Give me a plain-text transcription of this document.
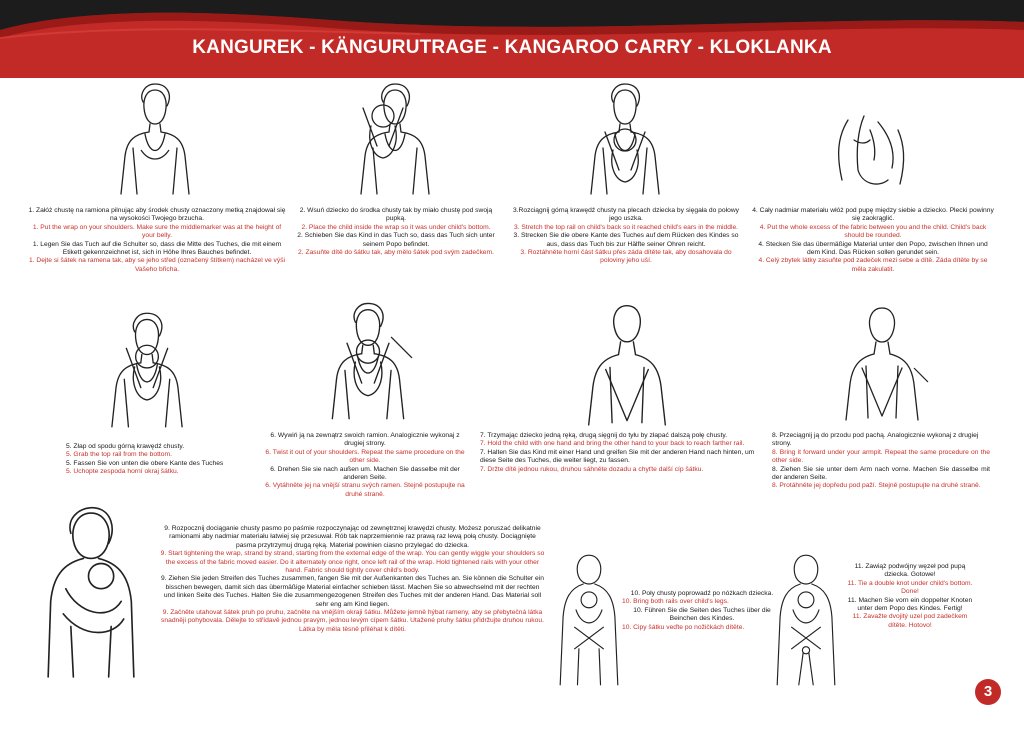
KANGUREK - KÄNGURUTRAGE - KANGAROO CARRY - KLOKLANKA

1. Załóż chustę na ramiona pilnując aby środek chusty oznaczony metką znajdował się na wysokości Twojego brzucha.

1. Put the wrap on your shoulders. Make sure the middlemarker was at the height of your belly.

1. Legen Sie das Tuch auf die Schulter so, dass die Mitte des Tuches, die mit einem Etikett gekennzeichnet ist, sich in Höhe Ihres Bauches befindet.

1. Dejte si šátek na ramena tak, aby se jeho střed (označený štítkem) nacházel ve výši Vašeho břicha.

2. Wsuń dziecko do środka chusty tak by miało chustę pod swoją pupką.

2. Place the child inside the wrap so it was under child's bottom.

2. Schieben Sie das Kind in das Tuch so, dass das Tuch sich unter seinem Popo befindet.

2. Zasuňte dítě do šátku tak, aby mělo šátek pod svým zadečkem.

3.Rozciągnij górną krawędź chusty na plecach dziecka by sięgała do połowy jego uszka.

3. Stretch the top rail on child's back so it reached child's ears in the middle.

3. Strecken Sie die obere Kante des Tuches auf dem Rücken des Kindes so aus, dass das Tuch bis zur Hälfte seiner Ohren reicht.

3. Roztáhněte horní část šátku přes záda dítěte tak, aby dosahovala do poloviny jeho uší.

4. Cały nadmiar materiału włóż pod pupę między siebie a dziecko. Plecki powinny się zaokrąglić.

4. Put the whole excess of the fabric between you and the child. Child's back should be rounded.

4. Stecken Sie das übermäßige Material unter den Popo, zwischen Ihnen und dem Kind. Das Rücken sollen gerundet sein.

4. Celý zbytek látky zasuňte pod zadeček mezi sebe a dítě. Záda dítěte by se měla zakulatit.

5. Złap od spodu górną krawędź chusty.

5. Grab the top rail from the bottom.

5. Fassen Sie von unten die obere Kante des Tuches

5. Uchopte zespoda horní okraj šátku.

6. Wywiń ją na zewnątrz swoich ramion. Analogicznie wykonaj z drugiej strony.

6. Twist it out of your shoulders. Repeat the same procedure on the other side.

6. Drehen Sie sie nach außen um. Machen Sie dasselbe mit der anderen Seite.

6. Vytáhněte jej na vnější stranu svých ramen. Stejně postupujte na druhé straně.

7. Trzymając dziecko jedną ręką, drugą sięgnij do tyłu by złapać dalszą połę chusty.

7. Hold the child with one hand and bring the other hand to your back to reach farther rail.

7. Halten Sie das Kind mit einer Hand und greifen Sie mit der anderen Hand nach hinten, um diese Seite des Tuches, die weiter liegt, zu fassen.

7. Držte dítě jednou rukou, druhou sáhněte dozadu a chyťte další cíp šátku.

8. Przeciągnij ją do przodu pod pachą. Analogicznie wykonaj z drugiej strony.

8. Bring it forward under your armpit. Repeat the same procedure on the other side.

8. Ziehen Sie sie unter dem Arm nach vorne. Machen Sie dasselbe mit der anderen Seite.

8. Protáhněte jej dopředu pod paží. Stejně postupujte na druhé straně.

9. Rozpocznij dociąganie chusty pasmo po paśmie rozpoczynając od zewnętrznej krawędzi chusty. Możesz poruszać delikatnie ramionami aby nadmiar materiału łatwiej się przesuwał. Rób tak naprzemiennie raz prawą raz lewą połą chusty. Dociągnięte pasma przytrzymuj drugą ręką. Materiał powinien ciasno przylegać do dziecka.

9. Start tightening the wrap, strand by strand, starting from the external edge of the wrap. You can gently wiggle your shoulders so the excess of the fabric moved easier. Do it alternately once right, once left rail of the wrap. Hold tightened rails with your other hand. Fabric should tightly cover child's body.

9. Ziehen Sie jeden Streifen des Tuches zusammen, fangen Sie mit der Außenkanten des Tuches an. Sie können die Schulter ein bisschen bewegen, damit sich das übermäßige Material einfacher schieben lässt. Machen Sie so abwechselnd mit der rechten und linken Seite des Tuches. Halten Sie die zusammengezogenen Streifen des Tuches mit der anderen Hand. Das Material soll sehr eng am Kind liegen.

9. Začněte utahovat šátek pruh po pruhu, začněte na vnějším okraji šátku. Můžete jemně hýbat rameny, aby se přebytečná látka snadněji pohybovala. Dělejte to střídavě jednou pravým, jednou levým cípem šátku. Utažené pruhy šátku přidržujte druhou rukou. Látka by měla těsně přiléhat k dítěti.

10. Poły chusty poprowadź po nóżkach dziecka.

10. Bring both rails over child's legs.

10. Führen Sie die Seiten des Tuches über die Beinchen des Kindes.

10. Cipy šátku veďte po nožičkách dítěte.

11. Zawiąż podwójny węzeł pod pupą dziecka. Gotowe!

11. Tie a double knot under child's bottom. Done!

11. Machen Sie vorn ein doppelter Knoten unter dem Popo des Kindes. Fertig!

11. Zavažte dvojitý uzel pod zadečkem dítěte. Hotovo!

3
